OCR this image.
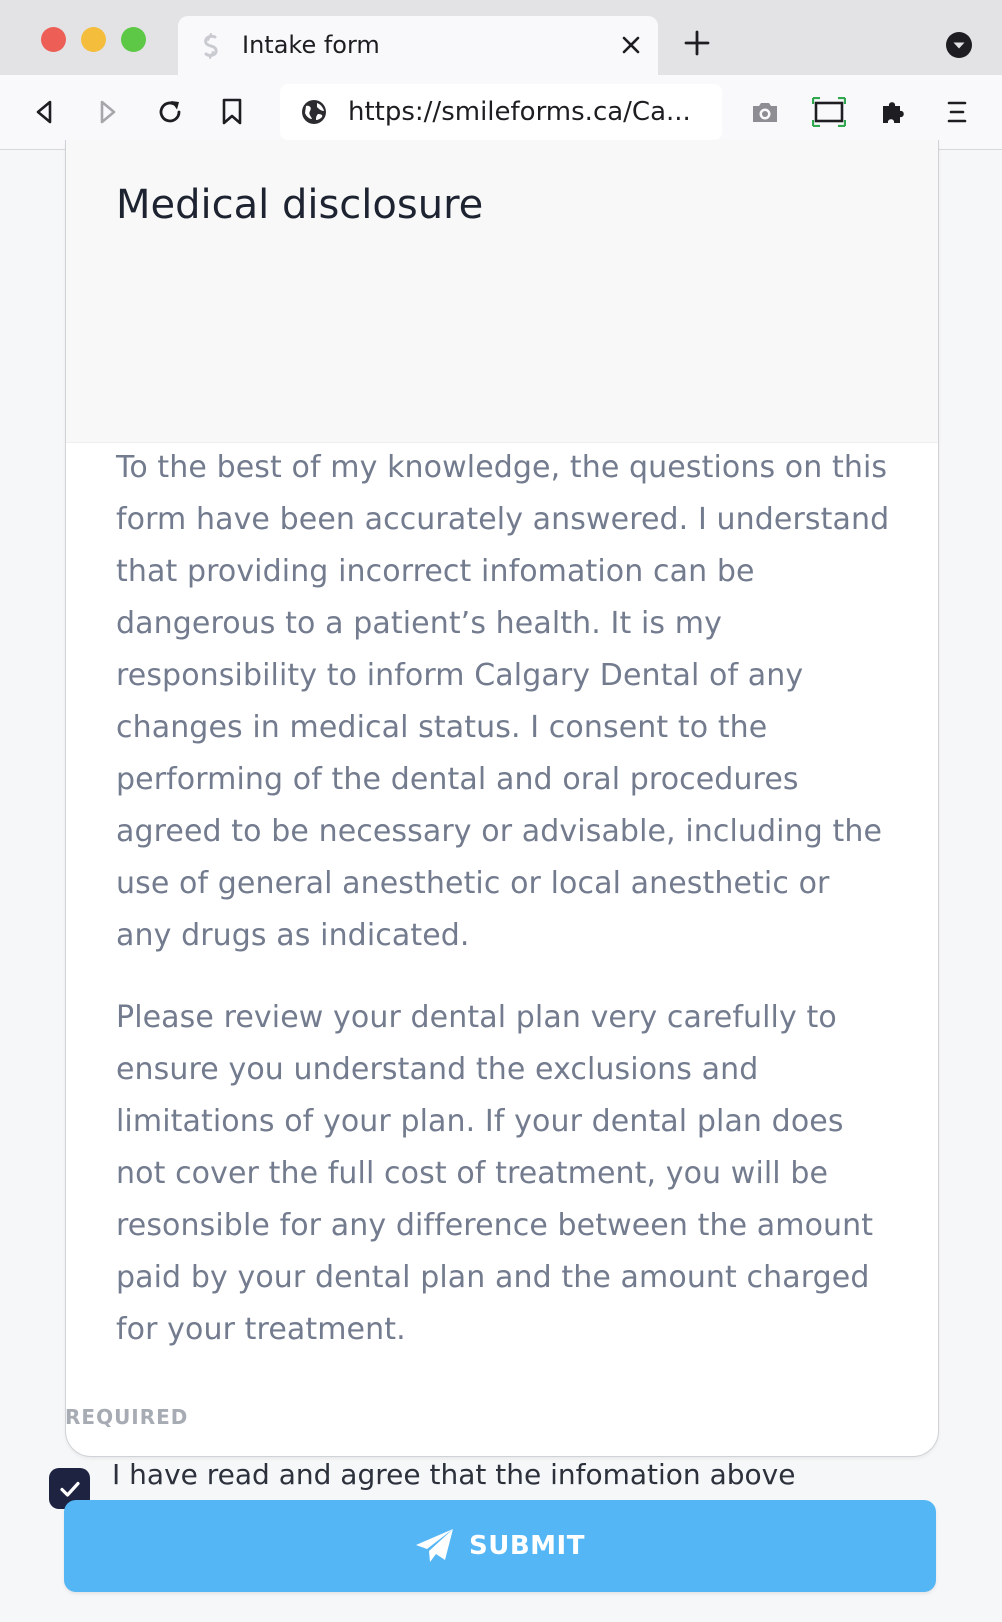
Intake form
https://smileforms.ca/Ca...
Medical disclosure

To the best of my knowledge, the questions on this form have been accurately answered. I understand that providing incorrect infomation can be dangerous to a patient’s health. It is my responsibility to inform Calgary Dental of any changes in medical status. I consent to the performing of the dental and oral procedures agreed to be necessary or advisable, including the use of general anesthetic or local anesthetic or any drugs as indicated.

Please review your dental plan very carefully to ensure you understand the exclusions and limitations of your plan. If your dental plan does not cover the full cost of treatment, you will be resonsible for any difference between the amount paid by your dental plan and the amount charged for your treatment.

REQUIRED
I have read and agree that the infomation above
SUBMIT
